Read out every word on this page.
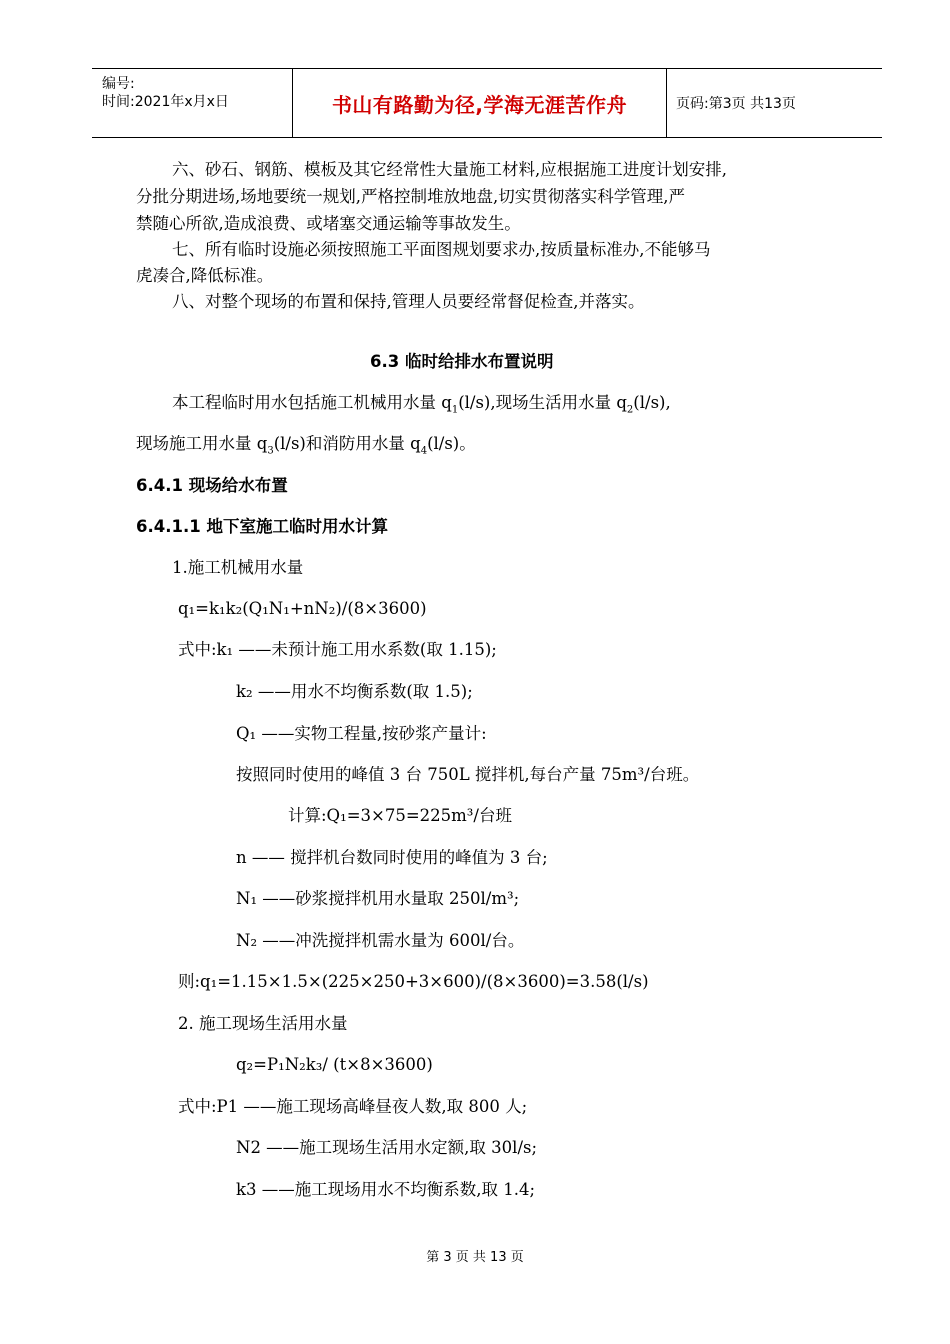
编号:
时间:2021年x月x日	书山有路勤为径,学海无涯苦作舟	页码:第3页 共13页
六、砂石、钢筋、模板及其它经常性大量施工材料,应根据施工进度计划安排,
分批分期进场,场地要统一规划,严格控制堆放地盘,切实贯彻落实科学管理,严
禁随心所欲,造成浪费、或堵塞交通运输等事故发生。
七、所有临时设施必须按照施工平面图规划要求办,按质量标准办,不能够马
虎凑合,降低标准。
八、对整个现场的布置和保持,管理人员要经常督促检查,并落实。
6.3 临时给排水布置说明
本工程临时用水包括施工机械用水量 $q_1(l/s)$,现场生活用水量 $q_2(l/s)$,
现场施工用水量 $q_3(l/s)$和消防用水量 $q_4(l/s)$。
6.4.1 现场给水布置
6.4.1.1 地下室施工临时用水计算
1.施工机械用水量
q₁=k₁k₂(Q₁N₁+nN₂)/(8×3600)
式中:k₁ ——未预计施工用水系数(取 1.15);
k₂ ——用水不均衡系数(取 1.5);
Q₁ ——实物工程量,按砂浆产量计:
按照同时使用的峰值 3 台 750L 搅拌机,每台产量 75m³/台班。
计算:Q₁=3×75=225m³/台班
n —— 搅拌机台数同时使用的峰值为 3 台;
N₁ ——砂浆搅拌机用水量取 250l/m³;
N₂ ——冲洗搅拌机需水量为 600l/台。
则:q₁=1.15×1.5×(225×250+3×600)/(8×3600)=3.58(l/s)
2. 施工现场生活用水量
q₂=P₁N₂k₃/ (t×8×3600)
式中:P1 ——施工现场高峰昼夜人数,取 800 人;
N2 ——施工现场生活用水定额,取 30l/s;
k3 ——施工现场用水不均衡系数,取 1.4;
第 3 页 共 13 页
